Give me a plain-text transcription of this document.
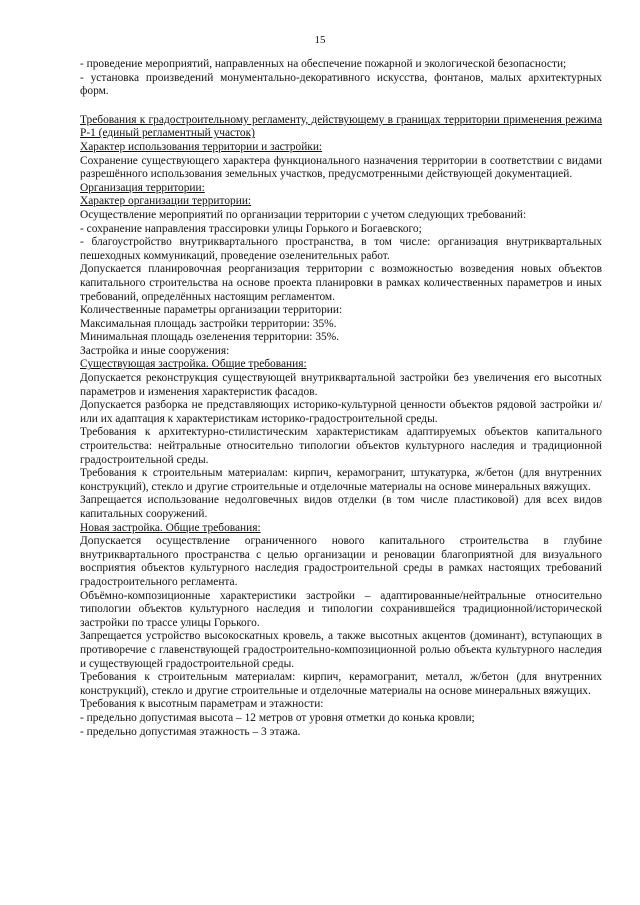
15

- проведение мероприятий, направленных на обеспечение пожарной и экологической безопасности;

- установка произведений монументально-декоративного искусства, фонтанов, малых архитектурных форм.

Требования к градостроительному регламенту, действующему в границах территории применения режима Р-1 (единый регламентный участок)

Характер использования территории и застройки:

Сохранение существующего характера функционального назначения территории в соответствии с видами разрешённого использования земельных участков, предусмотренными действующей документацией.

Организация территории:

Характер организации территории:

Осуществление мероприятий по организации территории с учетом следующих требований:

- сохранение направления трассировки улицы Горького и Богаевского;

- благоустройство внутриквартального пространства, в том числе: организация внутриквартальных пешеходных коммуникаций, проведение озеленительных работ.

Допускается планировочная реорганизация территории с возможностью возведения новых объектов капитального строительства на основе проекта планировки в рамках количественных параметров и иных требований, определённых настоящим регламентом.

Количественные параметры организации территории:

Максимальная площадь застройки территории: 35%.

Минимальная площадь озеленения территории: 35%.

Застройка и иные сооружения:

Существующая застройка. Общие требования:

Допускается реконструкция существующей внутриквартальной застройки без увеличения его высотных параметров и изменения характеристик фасадов.

Допускается разборка не представляющих историко-культурной ценности объектов рядовой застройки и/или их адаптация к характеристикам историко-градостроительной среды.

Требования к архитектурно-стилистическим характеристикам адаптируемых объектов капитального строительства: нейтральные относительно типологии объектов культурного наследия и традиционной градостроительной среды.

Требования к строительным материалам: кирпич, керамогранит, штукатурка, ж/бетон (для внутренних конструкций), стекло и другие строительные и отделочные материалы на основе минеральных вяжущих.

Запрещается использование недолговечных видов отделки (в том числе пластиковой) для всех видов капитальных сооружений.

Новая застройка. Общие требования:

Допускается осуществление ограниченного нового капитального строительства в глубине внутриквартального пространства с целью организации и реновации благоприятной для визуального восприятия объектов культурного наследия градостроительной среды в рамках настоящих требований градостроительного регламента.

Объёмно-композиционные характеристики застройки – адаптированные/нейтральные относительно типологии объектов культурного наследия и типологии сохранившейся традиционной/исторической застройки по трассе улицы Горького.

Запрещается устройство высокоскатных кровель, а также высотных акцентов (доминант), вступающих в противоречие с главенствующей градостроительно-композиционной ролью объекта культурного наследия и существующей градостроительной среды.

Требования к строительным материалам: кирпич, керамогранит, металл, ж/бетон (для внутренних конструкций), стекло и другие строительные и отделочные материалы на основе минеральных вяжущих.

Требования к высотным параметрам и этажности:

- предельно допустимая высота – 12 метров от уровня отметки до конька кровли;

- предельно допустимая этажность – 3 этажа.
